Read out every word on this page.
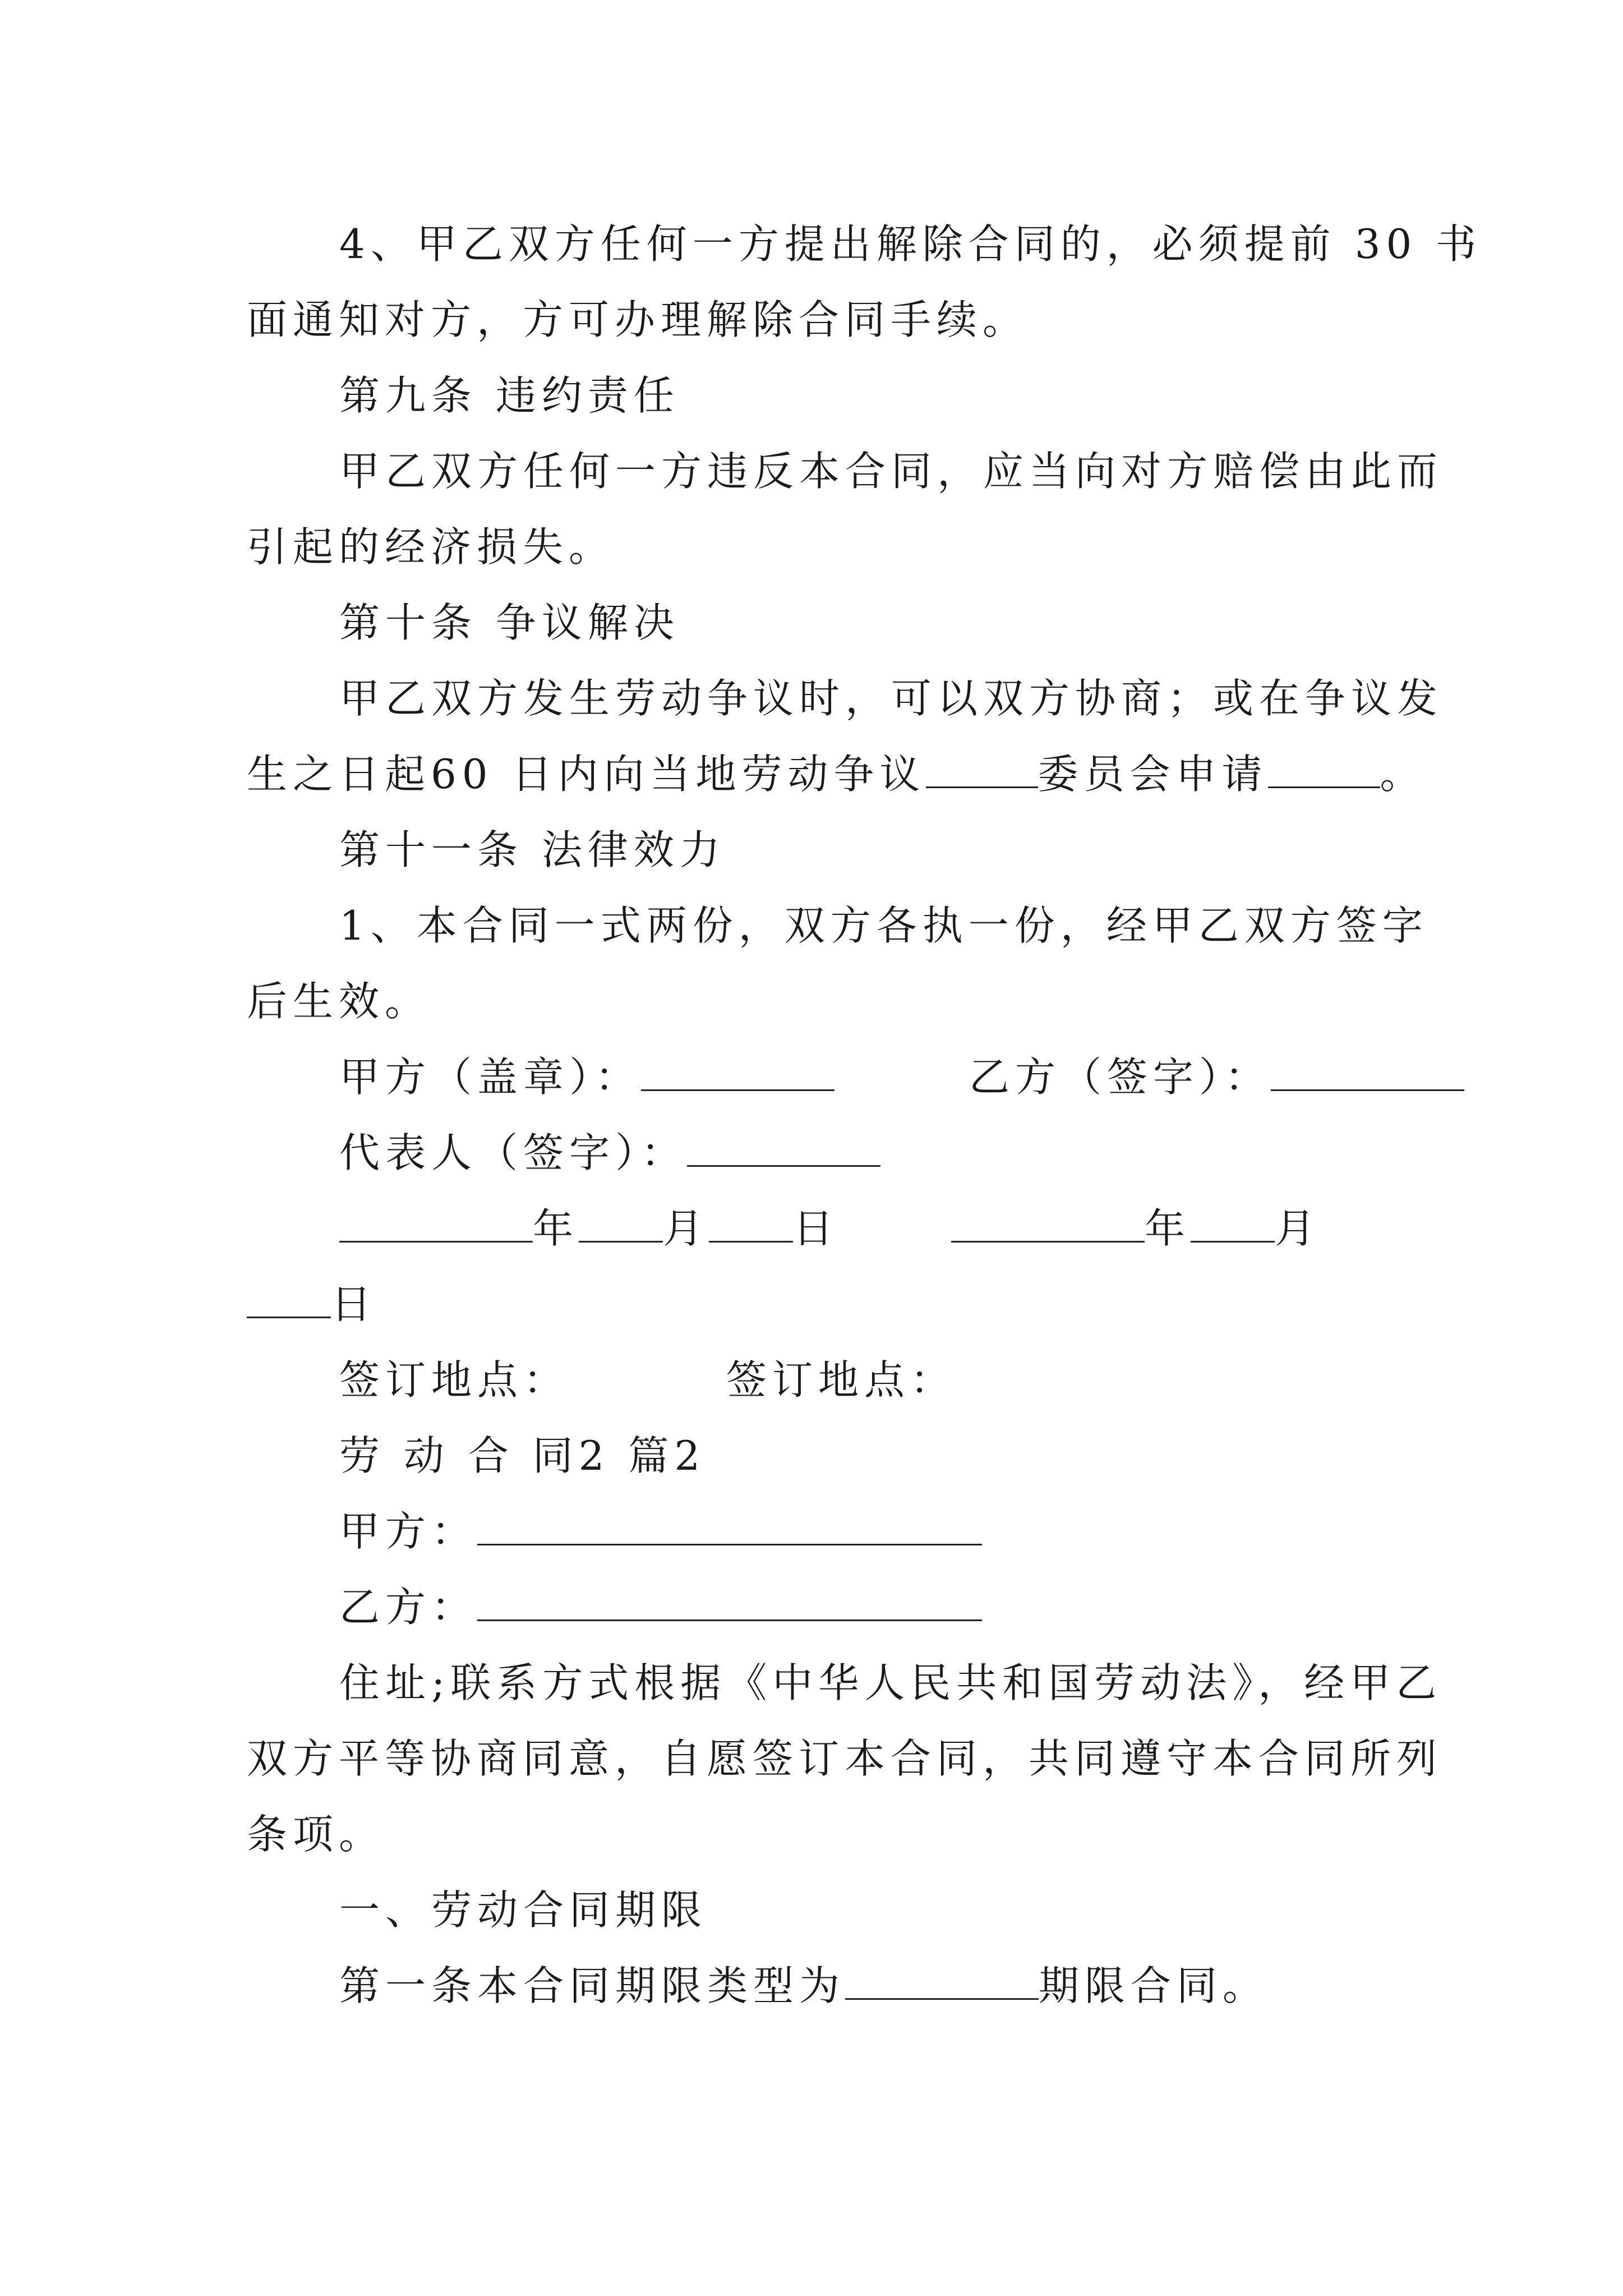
4、甲乙双方任何一方提出解除合同的，必须提前 30 书
面通知对方，方可办理解除合同手续。
第九条 违约责任
甲乙双方任何一方违反本合同，应当向对方赔偿由此而
引起的经济损失。
第十条 争议解决
甲乙双方发生劳动争议时，可以双方协商；或在争议发
生之日起60 日内向当地劳动争议	委员会申请	。
第十一条 法律效力
1、本合同一式两份，双方各执一份，经甲乙双方签字
后生效。
甲方（盖章）：	乙方（签字）：
代表人（签字）：
年 月 日	年 月
日
签订地点：	签订地点：
劳 动 合 同2 篇2
甲方：
乙方：
住址;联系方式根据《中华人民共和国劳动法》，经甲乙
双方平等协商同意，自愿签订本合同，共同遵守本合同所列
条项。
一、劳动合同期限
第一条本合同期限类型为	期限合同。
